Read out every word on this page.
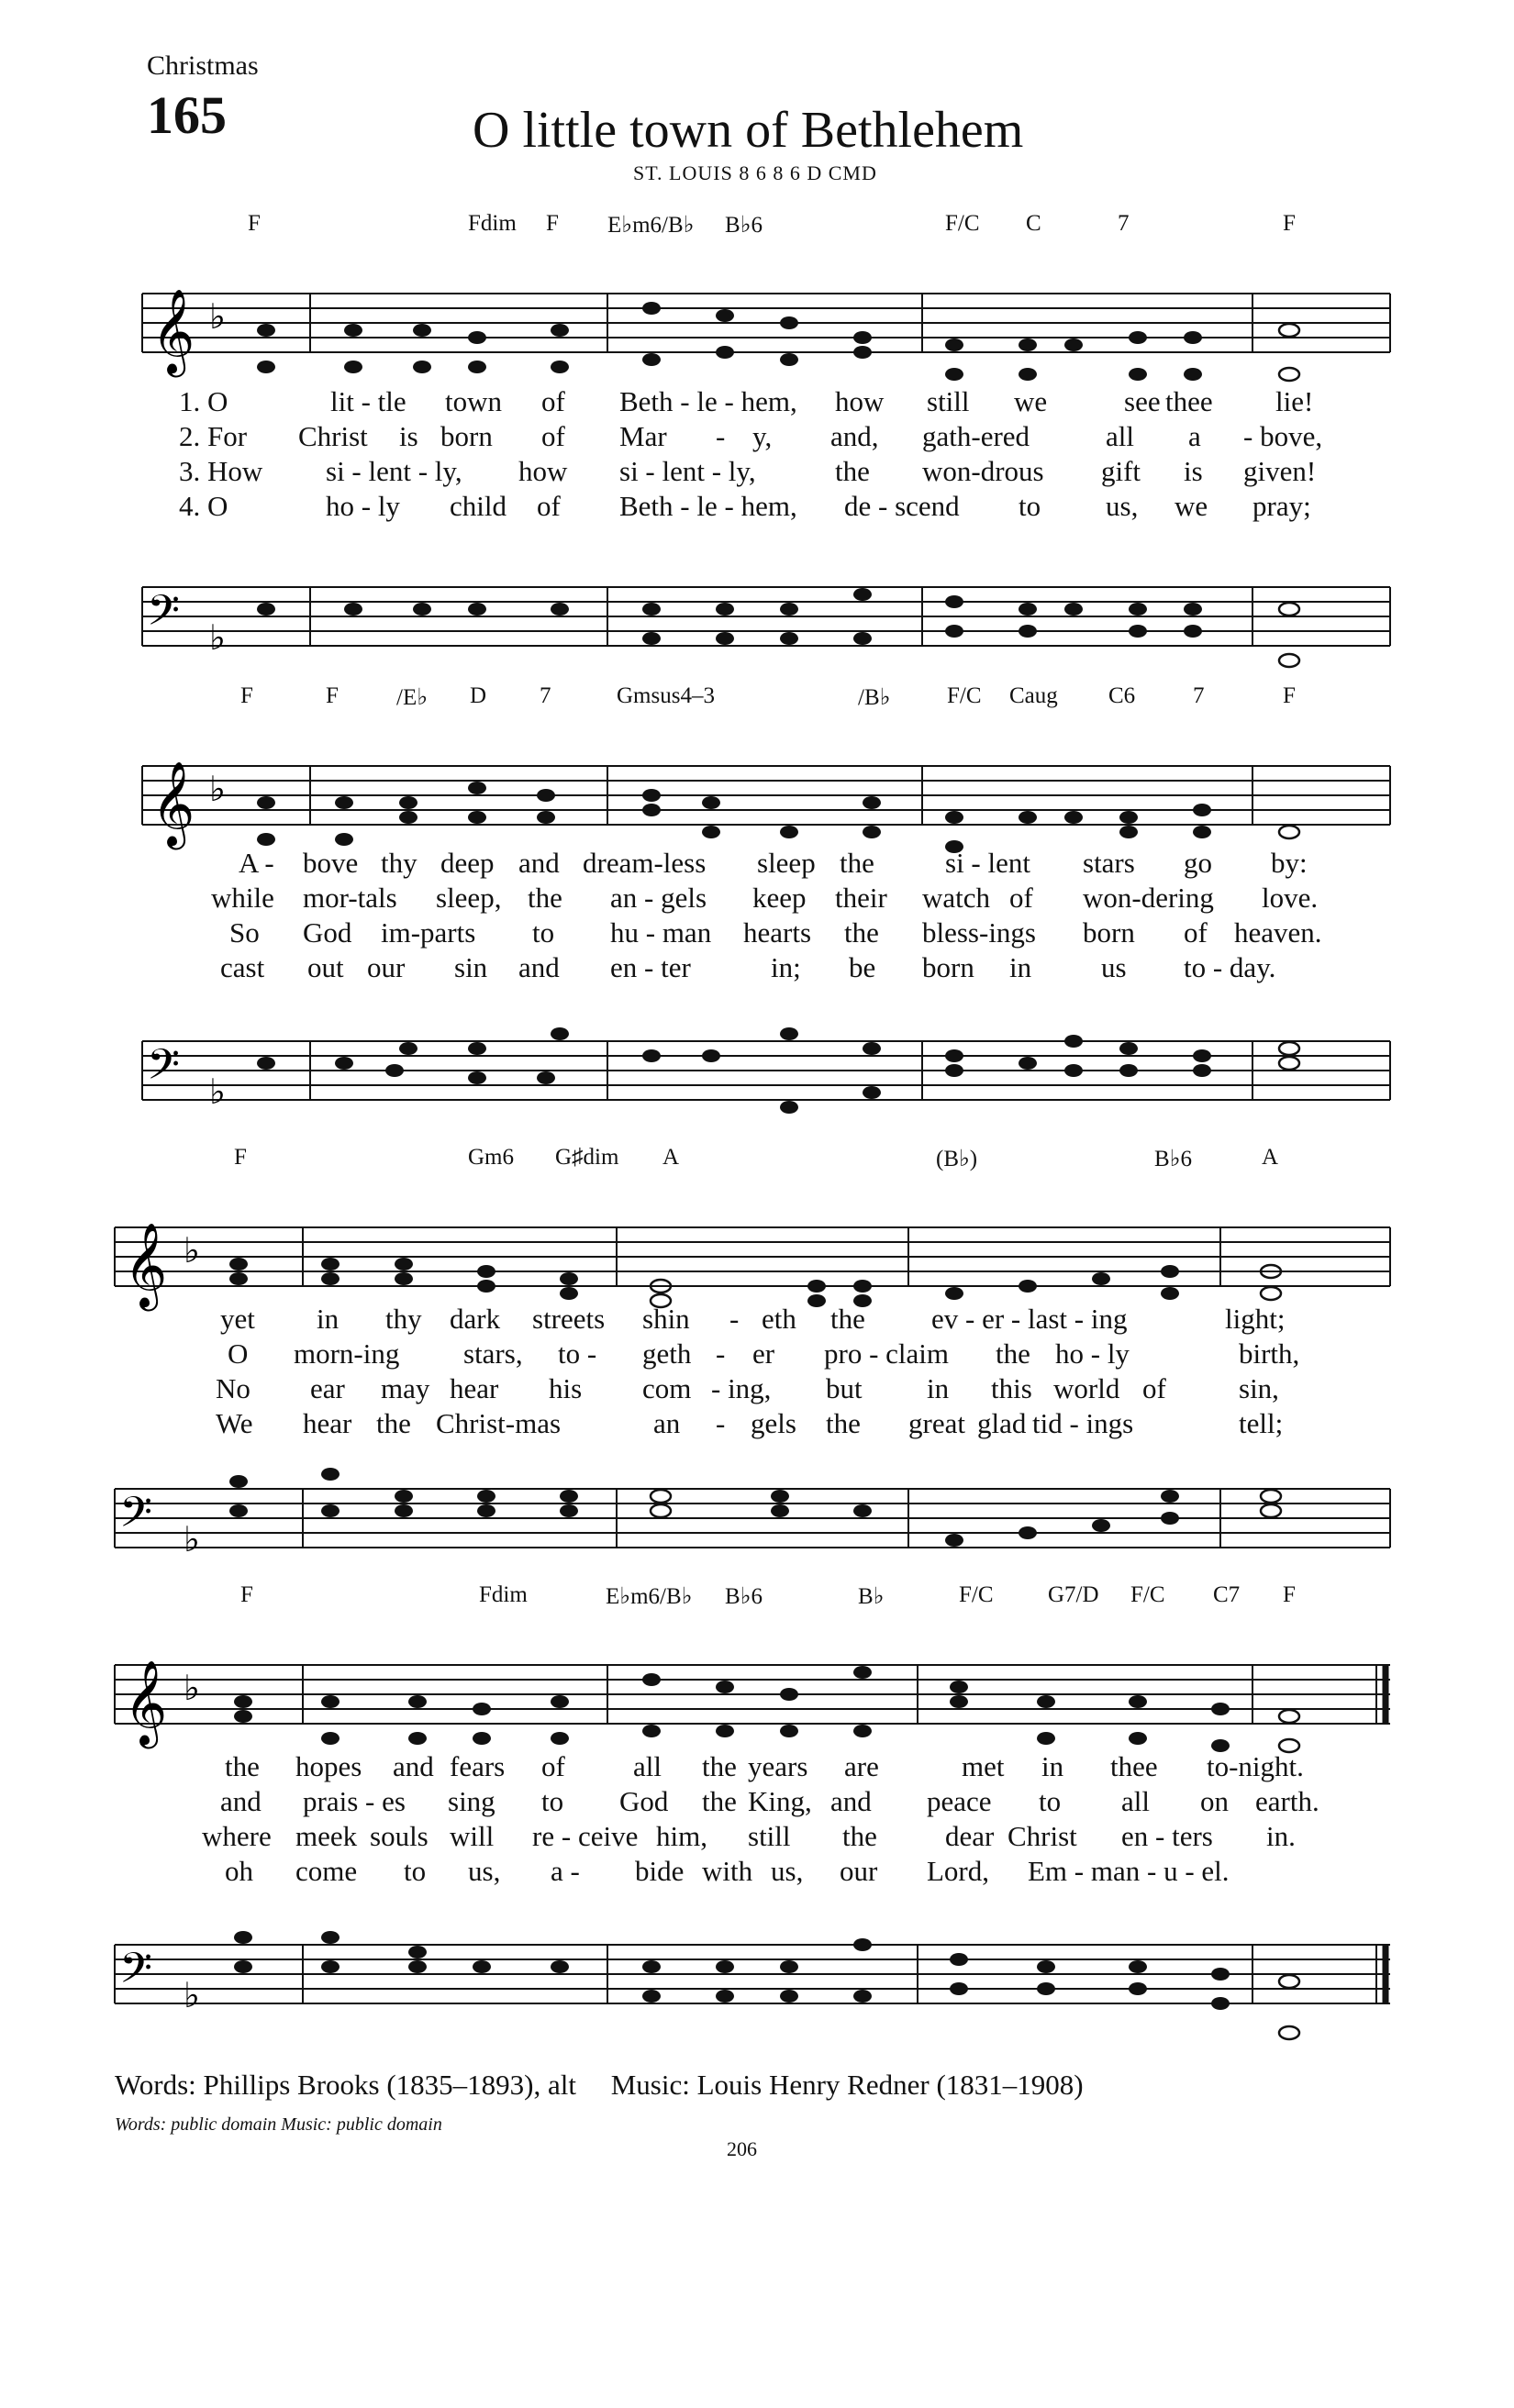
Christmas
165	O little town of Bethlehem
ST. LOUIS 8 6 8 6 D CMD
F	Fdim F E♭m6/B♭ B♭6	F/C C	7	F
𝄞 ♭
1. O	lit - tle town of Beth - le - hem, how still we	see thee lie!
2. For Christ is born of Mar - y, and, gath-ered	all a - bove,
3. How si - lent - ly, how si - lent - ly,	the won-drous gift is given!
4. O	ho - ly child of Beth - le - hem, de - scend to us, we pray;
𝄢 ♭
F	F	/E♭ D 7	Gmsus4–3	/B♭ F/C Caug C6	7	F
𝄞 ♭
A - bove thy deep and dream-less sleep the si - lent stars go by:
while mor-tals sleep, the an - gels keep their watch of won-dering love.
So God im-parts to hu - man hearts the bless-ings born of heaven.
cast out our sin and en - ter	in; be born in us to - day.
𝄢 ♭
F	Gm6 G♯dim A	(B♭)	B♭6	A
𝄞 ♭
yet in thy dark streets shin - eth the ev - er - last - ing	light;
O morn-ing stars, to - geth - er pro - claim the ho - ly	birth,
No ear may hear his com - ing, but in this world of	sin,
We hear the Christ-mas	an - gels the great glad tid - ings	tell;
𝄢 ♭
F	Fdim	E♭m6/B♭ B♭6	B♭	F/C G7/D F/C C7 F
𝄞 ♭
the hopes and fears of all the years are	met in thee to-night.
and prais - es sing to God the King, and peace to all on earth.
where meek souls will re - ceive him, still the dear Christ en - ters in.
oh come to us, a - bide with us, our Lord, Em - man - u - el.
𝄢 ♭
Words: Phillips Brooks (1835–1893), alt Music: Louis Henry Redner (1831–1908)
Words: public domain Music: public domain
206
